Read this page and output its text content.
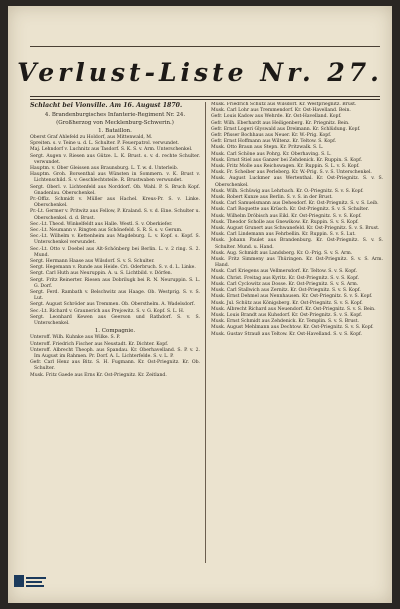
Verlust-Liste Nr. 27.
Schlacht bei Vionville. Am 16. August 1870.
4. Brandenburgisches Infanterie-Regiment Nr. 24. (Großherzog von Mecklenburg-Schwerin.)
1. Bataillon.
Oberst Graf Ahlefeld zu Holdorf, aus Mittenwald, M.
Spreiten. s. v. Teine u. d. L. Schulter. P. Feuerpatrol. verwundet.
Maj. Lehndorf v. Luchnitz aus Tasdorf. S. K. S. v. Arm. Unterschenkel.
Sergt. Augen v. Riesen aus Gütze. L. K. Brust. s. v. d. rechte Schulter. verwundet.
Hauptm. v. Ober Gleissen aus Braunsburg. L. T. w. d. Unterleib.
Hauptm. Groh. Borsenthal aus Wünsten in Sommern. v. K. Brust v. Lichtenschild. S. v. Geschlechtsteile. R. Brustwaben verwundet.
Sergt. Oberl. v. Lichtenfeld aus Norddorf. Ob. Wahl. P. S. Bruch Kopf. Gnadenlau. Oberschenkel.
Pr.-Offiz. Schmidt v. Müller aus Hachel. Kreus-Pr. S. v. Linke. Oberschenkel.
Pr.-Lt. Germer v. Pritwitz aus Fellow, P. Kraland. S. v. d. Eine. Schulter u. Oberschenkel. d. d. Brust.
Sec.-Lt. Theod. Winkelfeldt aus Halle. Westl. S. v. Oberkiefer.
Sec.-Lt. Neumann v. Ringten aus Schönefeld. S. R. S. s. v. Gerum.
Sec.-Lt. Wilhelm v. Kettenheim aus Magdeburg. L. v. Kopf. s. Kopf. S. Unterschenkel verwundet.
Sec.-Lt. Otto v. Doebel aus Alt-Schönberg bei Berlin. L. v. 2 ring. S. 2. Mund.
Sergt. Hermann Haase aus Wilsdorf. S. v. S. Schulter.
Sergt. Hegemann v. Runde aus Heide. Cri. Oderbruch. S. v. d. L. Linke.
Sergt. Carl Huth aus Neuruppin. A. u. S. Lichtbild. v. Dörfen.
Sergt. Fritz Reinerter. Riesen aus Dobrilugk bei R. N. Neuruppin. S. L. G. Dorf.
Sergt. Ferd. Rambath v. Belschwitz aus Haage. Ob. Westprig. S. v. S. Lut.
Sergt. August Schröder aus Tremmen. Ob. Obersthelm. A. Wadelsdorf.
Sec.-Lt. Richard v. Graunerich aus Prejowitz. S. v. G. Kopf. S. L. H.
Sergt. Leonhard Kewen aus Geerson und Rathdorf. S. v. S. Unterschenkel.
1. Compagnie.
Unteroff. Wilh. Kuhnke aus Wilke. S. P.
Unteroff. Friedrich Fischer aus Neustadt. Kr. Dichter. Kopf.
Unteroff. Albrecht Theoph. aus Spandau. Kr. Oberhavelland. S. P. v. 2. Im August im Rahmen. Pr. Dorf. A. L. Lichterfelde. S. v. L. P.
Gefr. Carl Henz aus Bitz. S. H. Fugmann. Kr. Ost-Priegnitz. Kr. Ob. Schulter.
Musk. Fritz Gaede aus Erns Kr. Ost-Priegnitz. Kr. Zeitland.
Musk. Friedrich Schütz aus Wilsdorf. Kr. Westpriegnitz. Brust.
Musk. Carl Lohr aus Tremmendorf. Kr. Ost-Havelland. Bein.
Gefr. Louis Kadow aus Wehrde. Kr. Ost-Havelland. Kopf.
Gefr. Wilh. Eberhardt aus Heiligenberg. Kr. Priegnitz. Bein.
Gefr. Ernst Logeri Glyswald aus Dreimann. Kr. Schlüdung. Kopf.
Gefr. Pfisser Bochhaus aus Neuer. Kr. W.-Prig. Kopf.
Gefr. Ernst Hoffmann aus Wiltenz. Kr. Teltow. S. Kopf.
Musk. Otto Braun aus Stepn. Kr. Pritzwalk. S. L.
Musk. Carl Schöne aus Pohrg. Kr. Oberhaving. S. L.
Musk. Ernst Stiel aus Ganzer bei Zehdenick. Kr. Ruppin. S. Kopf.
Musk. Fritz Molle aus Reichswagen. Kr. Ruppin. S. L. v. S. Kopf.
Musk. Fr. Scheiber aus Perleberg. Kr. W.-Prig. S. v. S. Unterschenkel.
Musk. August Luckmer aus Wertenthal. Kr. Ost-Priegnitz. S. v. S. Oberschenkel.
Musk. Wilh. Schüwig aus Lehrbach. Kr. O.-Priegnitz. S. v. S. Kopf.
Musk. Robert Kunze aus Berlin. S. v. S. in der Brust.
Musk. Carl Samuelsmann aus Dehesdorf. Kr. Ost-Priegnitz. S. v. S. Leib.
Musk. Carl Roquette aus Krüsch. Kr. Ost-Priegnitz. S. v. S. Schulter.
Musk. Wilhelm Dröbisch aus Eikl. Kr. Ost-Priegnitz. S. v. S. Kopf.
Musk. Theodor Scholle aus Gnewikow. Kr. Ruppin. S. v. S. Kopf.
Musk. August Grunert aus Schwanefeld. Kr. Ost-Priegnitz. S. v. S. Brust.
Musk. Carl Lindemann aus Fehrbellin. Kr. Ruppin. S. v. S. Lut.
Musk. Johann Paulet aus Brandenburg. Kr. Ost-Priegnitz. S. v. S. Schulter. Mund. u. Hand.
Musk. Aug. Schmidt aus Landsberg. Kr. O.-Prig. S. v. S. Arm.
Musk. Fritz Simmeny aus Thüringen. Kr. Ost-Priegnitz. S. v. S. Arm. Hand.
Musk. Carl Kriegens aus Vellmersdorf. Kr. Teltow. S. v. S. Kopf.
Musk. Christ. Freitag aus Kyritz. Kr. Ost-Priegnitz. S. v. S. Kopf.
Musk. Carl Cyclowitz aus Dosse. Kr. Ost-Priegnitz. S. v. S. Arm.
Musk. Carl Stallwich aus Zernitz. Kr. Ost-Priegnitz. S. v. S. Kopf.
Musk. Ernst Dehmel aus Nennhausen. Kr. Ost-Priegnitz. S. v. S. Kopf.
Musk. Jul. Schütz aus Königsberg. Kr. Ost-Priegnitz. S. v. S. Kopf.
Musk. Albrecht Richard aus Neuendorf. Kr. Ost-Priegnitz. S. v. S. Bein.
Musk. Louis Brandt aus Kuhsdorf. Kr. Ost-Priegnitz. S. v. S. Kopf.
Musk. Ernst Schmidt aus Zehdenick. Kr. Templin. S. v. S. Brust.
Musk. August Mehlmann aus Dechtow. Kr. Ost-Priegnitz. S. v. S. Kopf.
Musk. Gustav Strauß aus Teltow. Kr. Ost-Havelland. S. v. S. Kopf.
